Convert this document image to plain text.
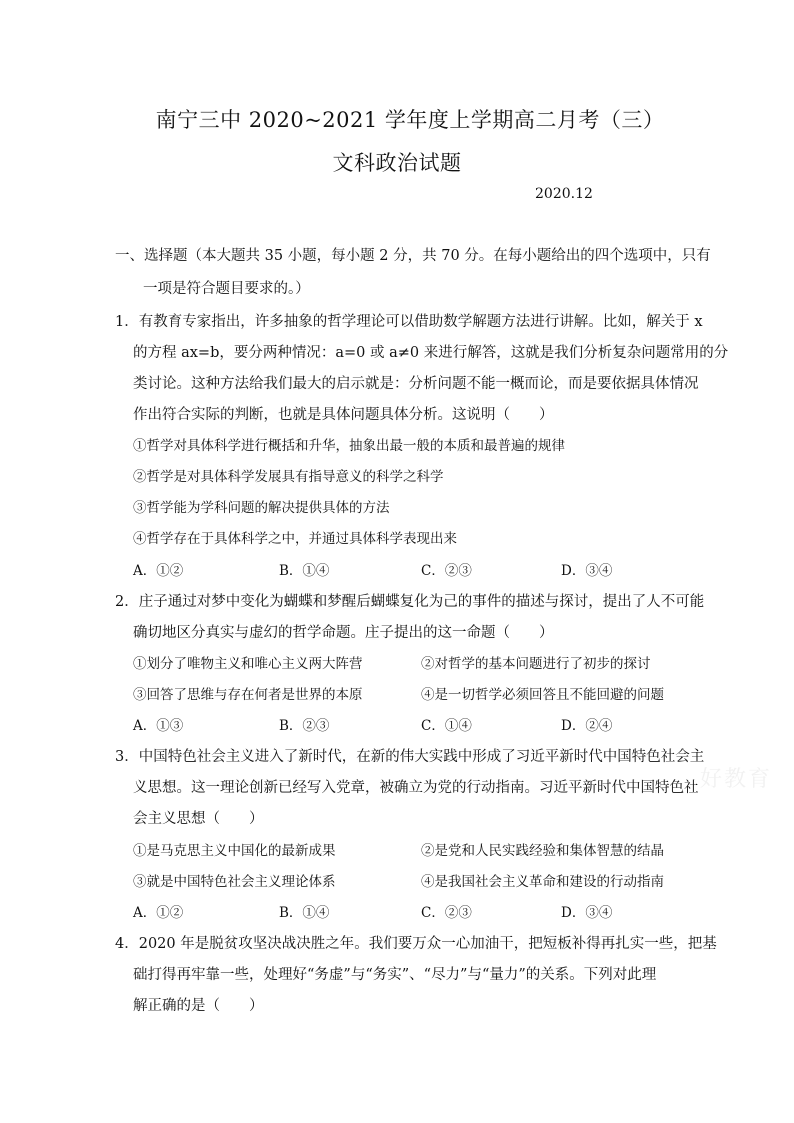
南宁三中 2020~2021 学年度上学期高二月考（三）
文科政治试题
2020.12
一、选择题（本大题共 35 小题，每小题 2 分，共 70 分。在每小题给出的四个选项中，只有
一项是符合题目要求的。）
1．有教育专家指出，许多抽象的哲学理论可以借助数学解题方法进行讲解。比如，解关于 x
的方程 ax=b，要分两种情况：a=0 或 a≠0 来进行解答，这就是我们分析复杂问题常用的分
类讨论。这种方法给我们最大的启示就是：分析问题不能一概而论，而是要依据具体情况
作出符合实际的判断，也就是具体问题具体分析。这说明（　　）
①哲学对具体科学进行概括和升华，抽象出最一般的本质和最普遍的规律
②哲学是对具体科学发展具有指导意义的科学之科学
③哲学能为学科问题的解决提供具体的方法
④哲学存在于具体科学之中，并通过具体科学表现出来
A．①②	B．①④	C．②③	D．③④
2．庄子通过对梦中变化为蝴蝶和梦醒后蝴蝶复化为己的事件的描述与探讨，提出了人不可能
确切地区分真实与虚幻的哲学命题。庄子提出的这一命题（　　）
①划分了唯物主义和唯心主义两大阵营	②对哲学的基本问题进行了初步的探讨
③回答了思维与存在何者是世界的本原	④是一切哲学必须回答且不能回避的问题
A．①③	B．②③	C．①④	D．②④
3．中国特色社会主义进入了新时代，在新的伟大实践中形成了习近平新时代中国特色社会主
义思想。这一理论创新已经写入党章，被确立为党的行动指南。习近平新时代中国特色社
会主义思想（　　）
①是马克思主义中国化的最新成果	②是党和人民实践经验和集体智慧的结晶
③就是中国特色社会主义理论体系	④是我国社会主义革命和建设的行动指南
A．①②	B．①④	C．②③	D．③④
4．2020 年是脱贫攻坚决战决胜之年。我们要万众一心加油干，把短板补得再扎实一些，把基
础打得再牢靠一些，处理好“务虚”与“务实”、“尽力”与“量力”的关系。下列对此理
解正确的是（　　）
好教育
